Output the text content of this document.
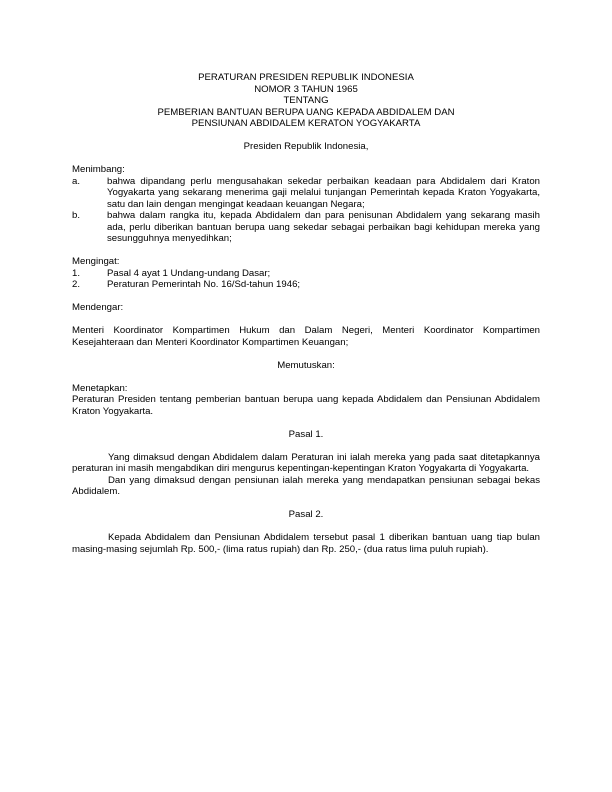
PERATURAN PRESIDEN REPUBLIK INDONESIA
NOMOR 3 TAHUN 1965
TENTANG
PEMBERIAN BANTUAN BERUPA UANG KEPADA ABDIDALEM DAN
PENSIUNAN ABDIDALEM KERATON YOGYAKARTA
Presiden Republik Indonesia,
Menimbang:
a.	bahwa dipandang perlu mengusahakan sekedar perbaikan keadaan para Abdidalem dari Kraton Yogyakarta yang sekarang menerima gaji melalui tunjangan Pemerintah kepada Kraton Yogyakarta, satu dan lain dengan mengingat keadaan keuangan Negara;
b.	bahwa dalam rangka itu, kepada Abdidalem dan para penisunan Abdidalem yang sekarang masih ada, perlu diberikan bantuan berupa uang sekedar sebagai perbaikan bagi kehidupan mereka yang sesungguhnya menyedihkan;
Mengingat:
1.	Pasal 4 ayat 1 Undang-undang Dasar;
2.	Peraturan Pemerintah No. 16/Sd-tahun 1946;
Mendengar:

Menteri Koordinator Kompartimen Hukum dan Dalam Negeri, Menteri Koordinator Kompartimen Kesejahteraan dan Menteri Koordinator Kompartimen Keuangan;

Memutuskan:
Menetapkan:

Peraturan Presiden tentang pemberian bantuan berupa uang kepada Abdidalem dan Pensiunan Abdidalem Kraton Yogyakarta.

Pasal 1.

Yang dimaksud dengan Abdidalem dalam Peraturan ini ialah mereka yang pada saat ditetapkannya peraturan ini masih mengabdikan diri mengurus kepentingan-kepentingan Kraton Yogyakarta di Yogyakarta.

Dan yang dimaksud dengan pensiunan ialah mereka yang mendapatkan pensiunan sebagai bekas Abdidalem.

Pasal 2.

Kepada Abdidalem dan Pensiunan Abdidalem tersebut pasal 1 diberikan bantuan uang tiap bulan masing-masing sejumlah Rp. 500,- (lima ratus rupiah) dan Rp. 250,- (dua ratus lima puluh rupiah).
